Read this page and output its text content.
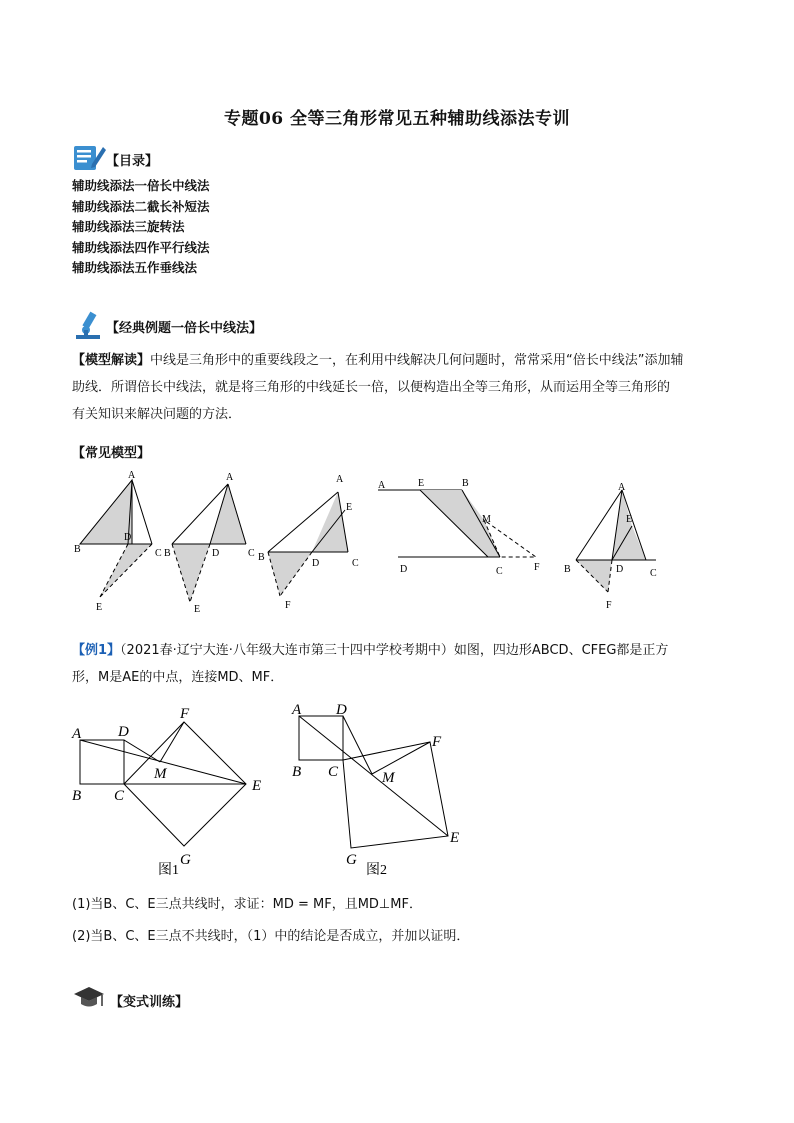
专题06 全等三角形常见五种辅助线添法专训
【目录】
辅助线添法一倍长中线法
辅助线添法二截长补短法
辅助线添法三旋转法
辅助线添法四作平行线法
辅助线添法五作垂线法
【经典例题一倍长中线法】
【模型解读】中线是三角形中的重要线段之一，在利用中线解决几何问题时，常常采用“倍长中线法”添加辅
助线．所谓倍长中线法，就是将三角形的中线延长一倍，以便构造出全等三角形，从而运用全等三角形的
有关知识来解决问题的方法．
【常见模型】
A
B	C
D
E
A
B	C
D
E
A
B
C
D
E
F
A	E	B
M
D	C	F
A
B	C
D
E
F
【例1】（2021春·辽宁大连·八年级大连市第三十四中学校考期中）如图，四边形ABCD、CFEG都是正方
形，M是AE的中点，连接MD、MF．
A D
B C
F
M
E
G
A D
B C
F
M
E
G
图1	图2
(1)当B、C、E三点共线时，求证：MD = MF，且MD⊥MF．
(2)当B、C、E三点不共线时，（1）中的结论是否成立，并加以证明．
【变式训练】
